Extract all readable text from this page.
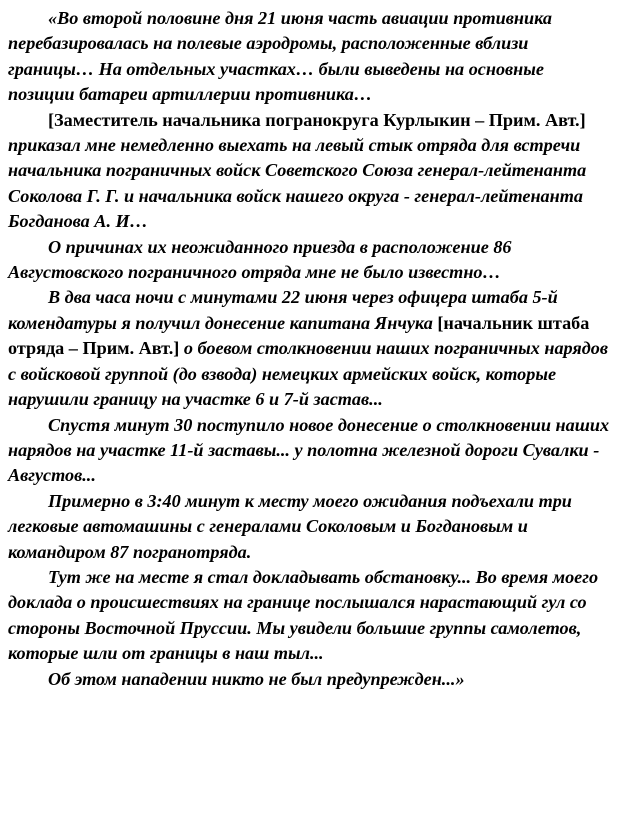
«Во второй половине дня 21 июня часть авиации противника перебазировалась на полевые аэродромы, расположенные вблизи границы… На отдельных участках… были выведены на основные позиции батареи артиллерии противника…

[Заместитель начальника погранокруга Курлыкин – Прим. Авт.] приказал мне немедленно выехать на левый стык отряда для встречи начальника пограничных войск Советского Союза генерал-лейтенанта Соколова Г. Г. и начальника войск нашего округа - генерал-лейтенанта Богданова А. И…

О причинах их неожиданного приезда в расположение 86 Августовского пограничного отряда мне не было известно…

В два часа ночи с минутами 22 июня через офицера штаба 5-й комендатуры я получил донесение капитана Янчука [начальник штаба отряда – Прим. Авт.] о боевом столкновении наших пограничных нарядов с войсковой группой (до взвода) немецких армейских войск, которые нарушили границу на участке 6 и 7-й застав...

Спустя минут 30 поступило новое донесение о столкновении наших нарядов на участке 11-й заставы... у полотна железной дороги Сувалки - Августов...

Примерно в 3:40 минут к месту моего ожидания подъехали три легковые автомашины с генералами Соколовым и Богдановым и командиром 87 погранотряда.

Тут же на месте я стал докладывать обстановку... Во время моего доклада о происшествиях на границе послышался нарастающий гул со стороны Восточной Пруссии. Мы увидели большие группы самолетов, которые шли от границы в наш тыл...

Об этом нападении никто не был предупрежден...»
